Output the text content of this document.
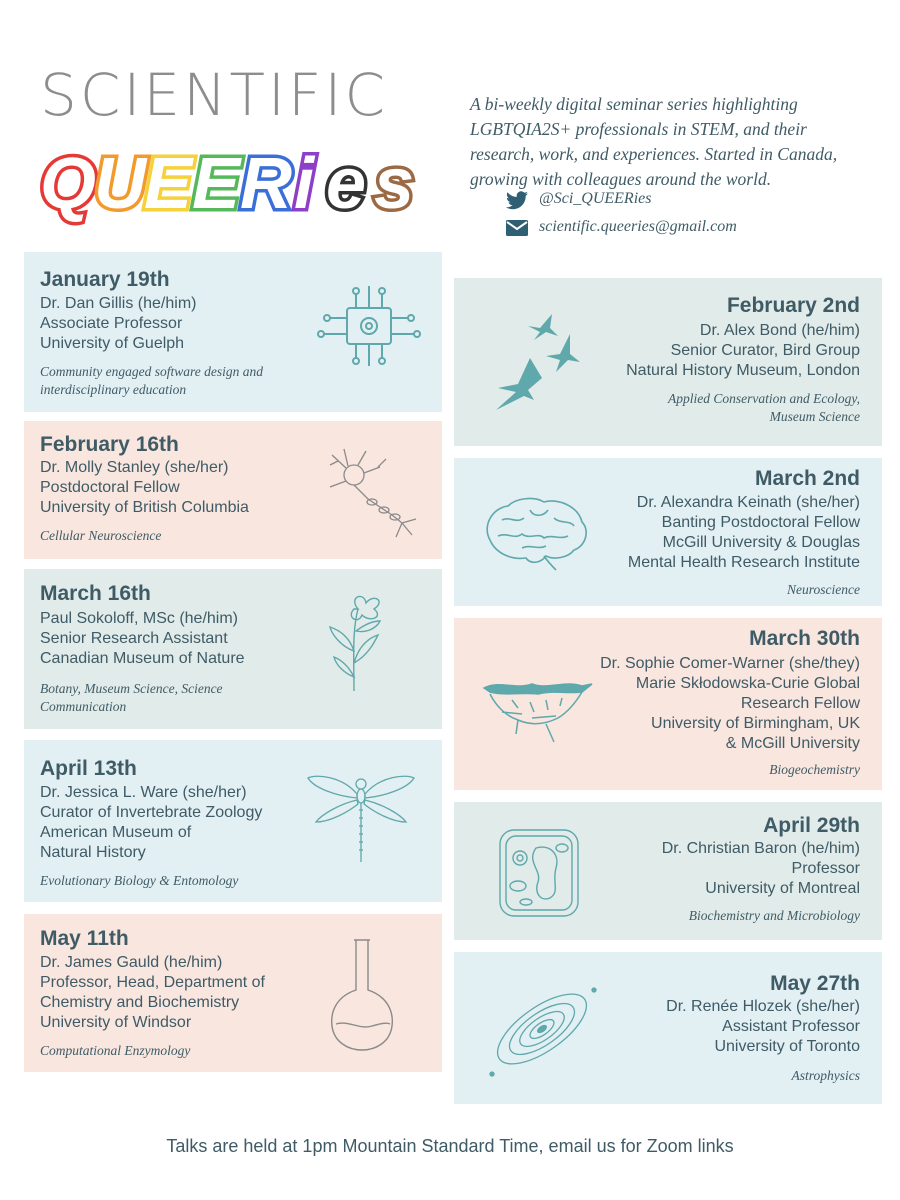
SCIENTIFIC
Q
U
E E R i e s
A bi-weekly digital seminar series highlighting
LGBTQIA2S+ professionals in STEM, and their
research, work, and experiences. Started in Canada,
growing with colleagues around the world.
@Sci_QUEERies
scientific.queeries@gmail.com
January 19th
Dr. Dan Gillis (he/him)
Associate Professor
University of Guelph
Community engaged software design and
interdisciplinary education
February 16th
Dr. Molly Stanley (she/her)
Postdoctoral Fellow
University of British Columbia
Cellular Neuroscience
March 16th
Paul Sokoloff, MSc (he/him)
Senior Research Assistant
Canadian Museum of Nature
Botany, Museum Science, Science
Communication
April 13th
Dr. Jessica L. Ware (she/her)
Curator of Invertebrate Zoology
American Museum of
Natural History
Evolutionary Biology & Entomology
May 11th
Dr. James Gauld (he/him)
Professor, Head, Department of
Chemistry and Biochemistry
University of Windsor
Computational Enzymology
February 2nd
Dr. Alex Bond (he/him)
Senior Curator, Bird Group
Natural History Museum, London
Applied Conservation and Ecology,
Museum Science
March 2nd
Dr. Alexandra Keinath (she/her)
Banting Postdoctoral Fellow
McGill University & Douglas
Mental Health Research Institute
Neuroscience
March 30th
Dr. Sophie Comer-Warner (she/they)
Marie Skłodowska-Curie Global
Research Fellow
University of Birmingham, UK
& McGill University
Biogeochemistry
April 29th
Dr. Christian Baron (he/him)
Professor
University of Montreal
Biochemistry and Microbiology
May 27th
Dr. Renée Hlozek (she/her)
Assistant Professor
University of Toronto
Astrophysics
Talks are held at 1pm Mountain Standard Time, email us for Zoom links
